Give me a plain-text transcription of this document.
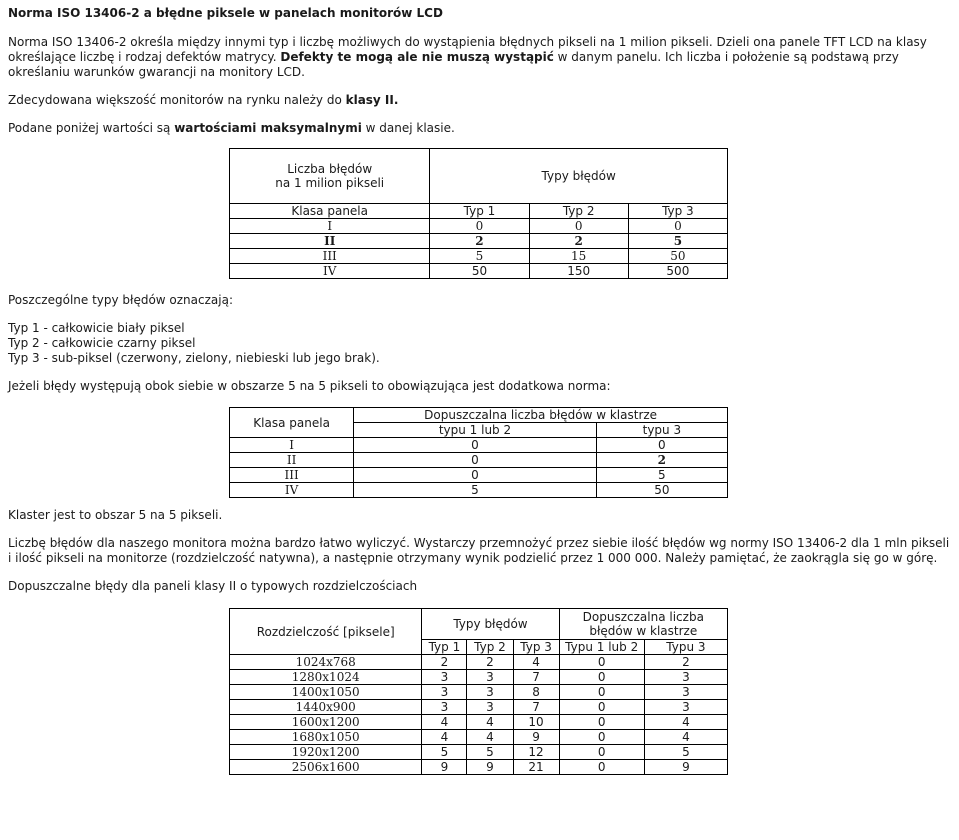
Norma ISO 13406-2 a błędne piksele w panelach monitorów LCD

Norma ISO 13406-2 określa między innymi typ i liczbę możliwych do wystąpienia błędnych pikseli na 1 milion pikseli. Dzieli ona panele TFT LCD na klasy określające liczbę i rodzaj defektów matrycy. Defekty te mogą ale nie muszą wystąpić w danym panelu. Ich liczba i położenie są podstawą przy określaniu warunków gwarancji na monitory LCD.

Zdecydowana większość monitorów na rynku należy do klasy II.

Podane poniżej wartości są wartościami maksymalnymi w danej klasie.

Liczba błędów
na 1 milion pikseli	Typy błędów		
Klasa panela	Typ 1	Typ 2	Typ 3
I	0	0	0
II	2	2	5
III	5	15	50
IV	50	150	500

Poszczególne typy błędów oznaczają:

Typ 1 - całkowicie biały piksel
Typ 2 - całkowicie czarny piksel
Typ 3 - sub-piksel (czerwony, zielony, niebieski lub jego brak).

Jeżeli błędy występują obok siebie w obszarze 5 na 5 pikseli to obowiązująca jest dodatkowa norma:

Klasa panela	Dopuszczalna liczba błędów w klastrze	
	typu 1 lub 2	typu 3
I	0	0
II	0	2
III	0	5
IV	5	50

Klaster jest to obszar 5 na 5 pikseli.

Liczbę błędów dla naszego monitora można bardzo łatwo wyliczyć. Wystarczy przemnożyć przez siebie ilość błędów wg normy ISO 13406-2 dla 1 mln pikseli i ilość pikseli na monitorze (rozdzielczość natywna), a następnie otrzymany wynik podzielić przez 1 000 000. Należy pamiętać, że zaokrągla się go w górę.

Dopuszczalne błędy dla paneli klasy II o typowych rozdzielczościach

Rozdzielczość [piksele]	Typy błędów			Dopuszczalna liczba
błędów w klastrze	
	Typ 1	Typ 2	Typ 3	Typu 1 lub 2	Typu 3
1024x768	2	2	4	0	2
1280x1024	3	3	7	0	3
1400x1050	3	3	8	0	3
1440x900	3	3	7	0	3
1600x1200	4	4	10	0	4
1680x1050	4	4	9	0	4
1920x1200	5	5	12	0	5
2506x1600	9	9	21	0	9
